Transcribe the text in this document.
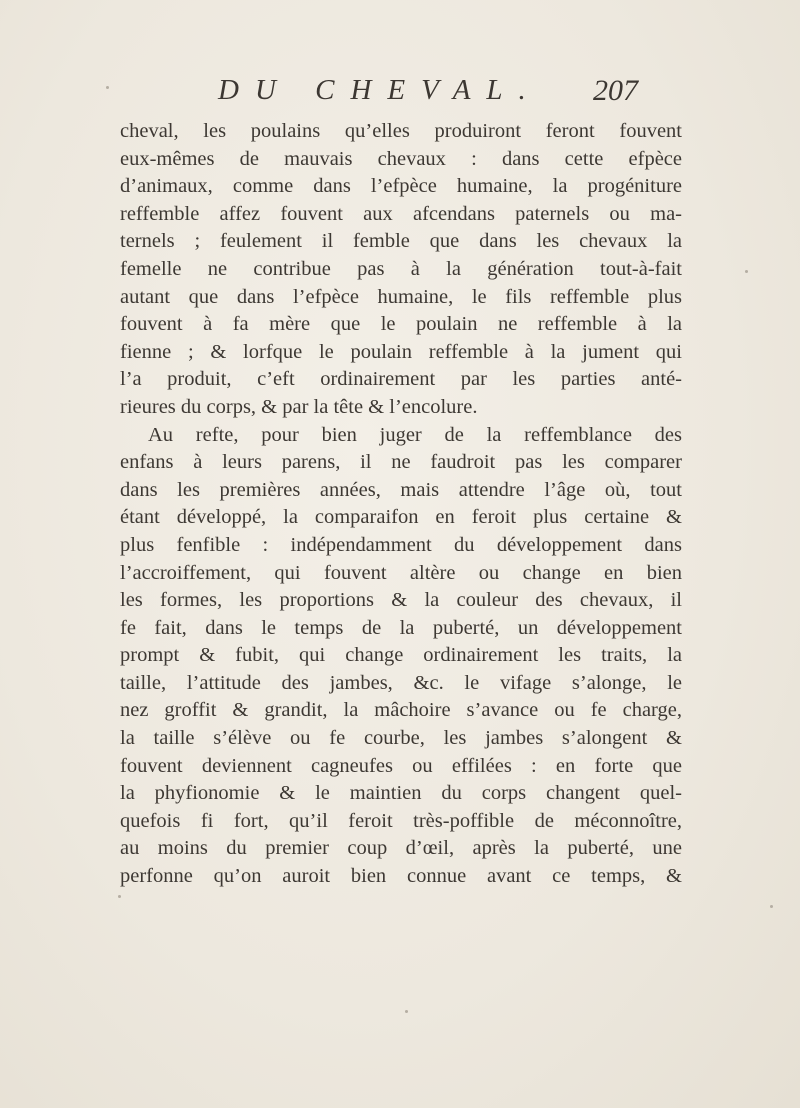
DU CHEVAL. 207
cheval, les poulains qu’elles produiront feront fouvent
eux-mêmes de mauvais chevaux : dans cette efpèce
d’animaux, comme dans l’efpèce humaine, la progéniture
reffemble affez fouvent aux afcendans paternels ou ma-
ternels ; feulement il femble que dans les chevaux la
femelle ne contribue pas à la génération tout-à-fait
autant que dans l’efpèce humaine, le fils reffemble plus
fouvent à fa mère que le poulain ne reffemble à la
fienne ; & lorfque le poulain reffemble à la jument qui
l’a produit, c’eft ordinairement par les parties anté-
rieures du corps, & par la tête & l’encolure.
Au refte, pour bien juger de la reffemblance des
enfans à leurs parens, il ne faudroit pas les comparer
dans les premières années, mais attendre l’âge où, tout
étant développé, la comparaifon en feroit plus certaine &
plus fenfible : indépendamment du développement dans
l’accroiffement, qui fouvent altère ou change en bien
les formes, les proportions & la couleur des chevaux, il
fe fait, dans le temps de la puberté, un développement
prompt & fubit, qui change ordinairement les traits, la
taille, l’attitude des jambes, &c. le vifage s’alonge, le
nez groffit & grandit, la mâchoire s’avance ou fe charge,
la taille s’élève ou fe courbe, les jambes s’alongent &
fouvent deviennent cagneufes ou effilées : en forte que
la phyfionomie & le maintien du corps changent quel-
quefois fi fort, qu’il feroit très-poffible de méconnoître,
au moins du premier coup d’œil, après la puberté, une
perfonne qu’on auroit bien connue avant ce temps, &
